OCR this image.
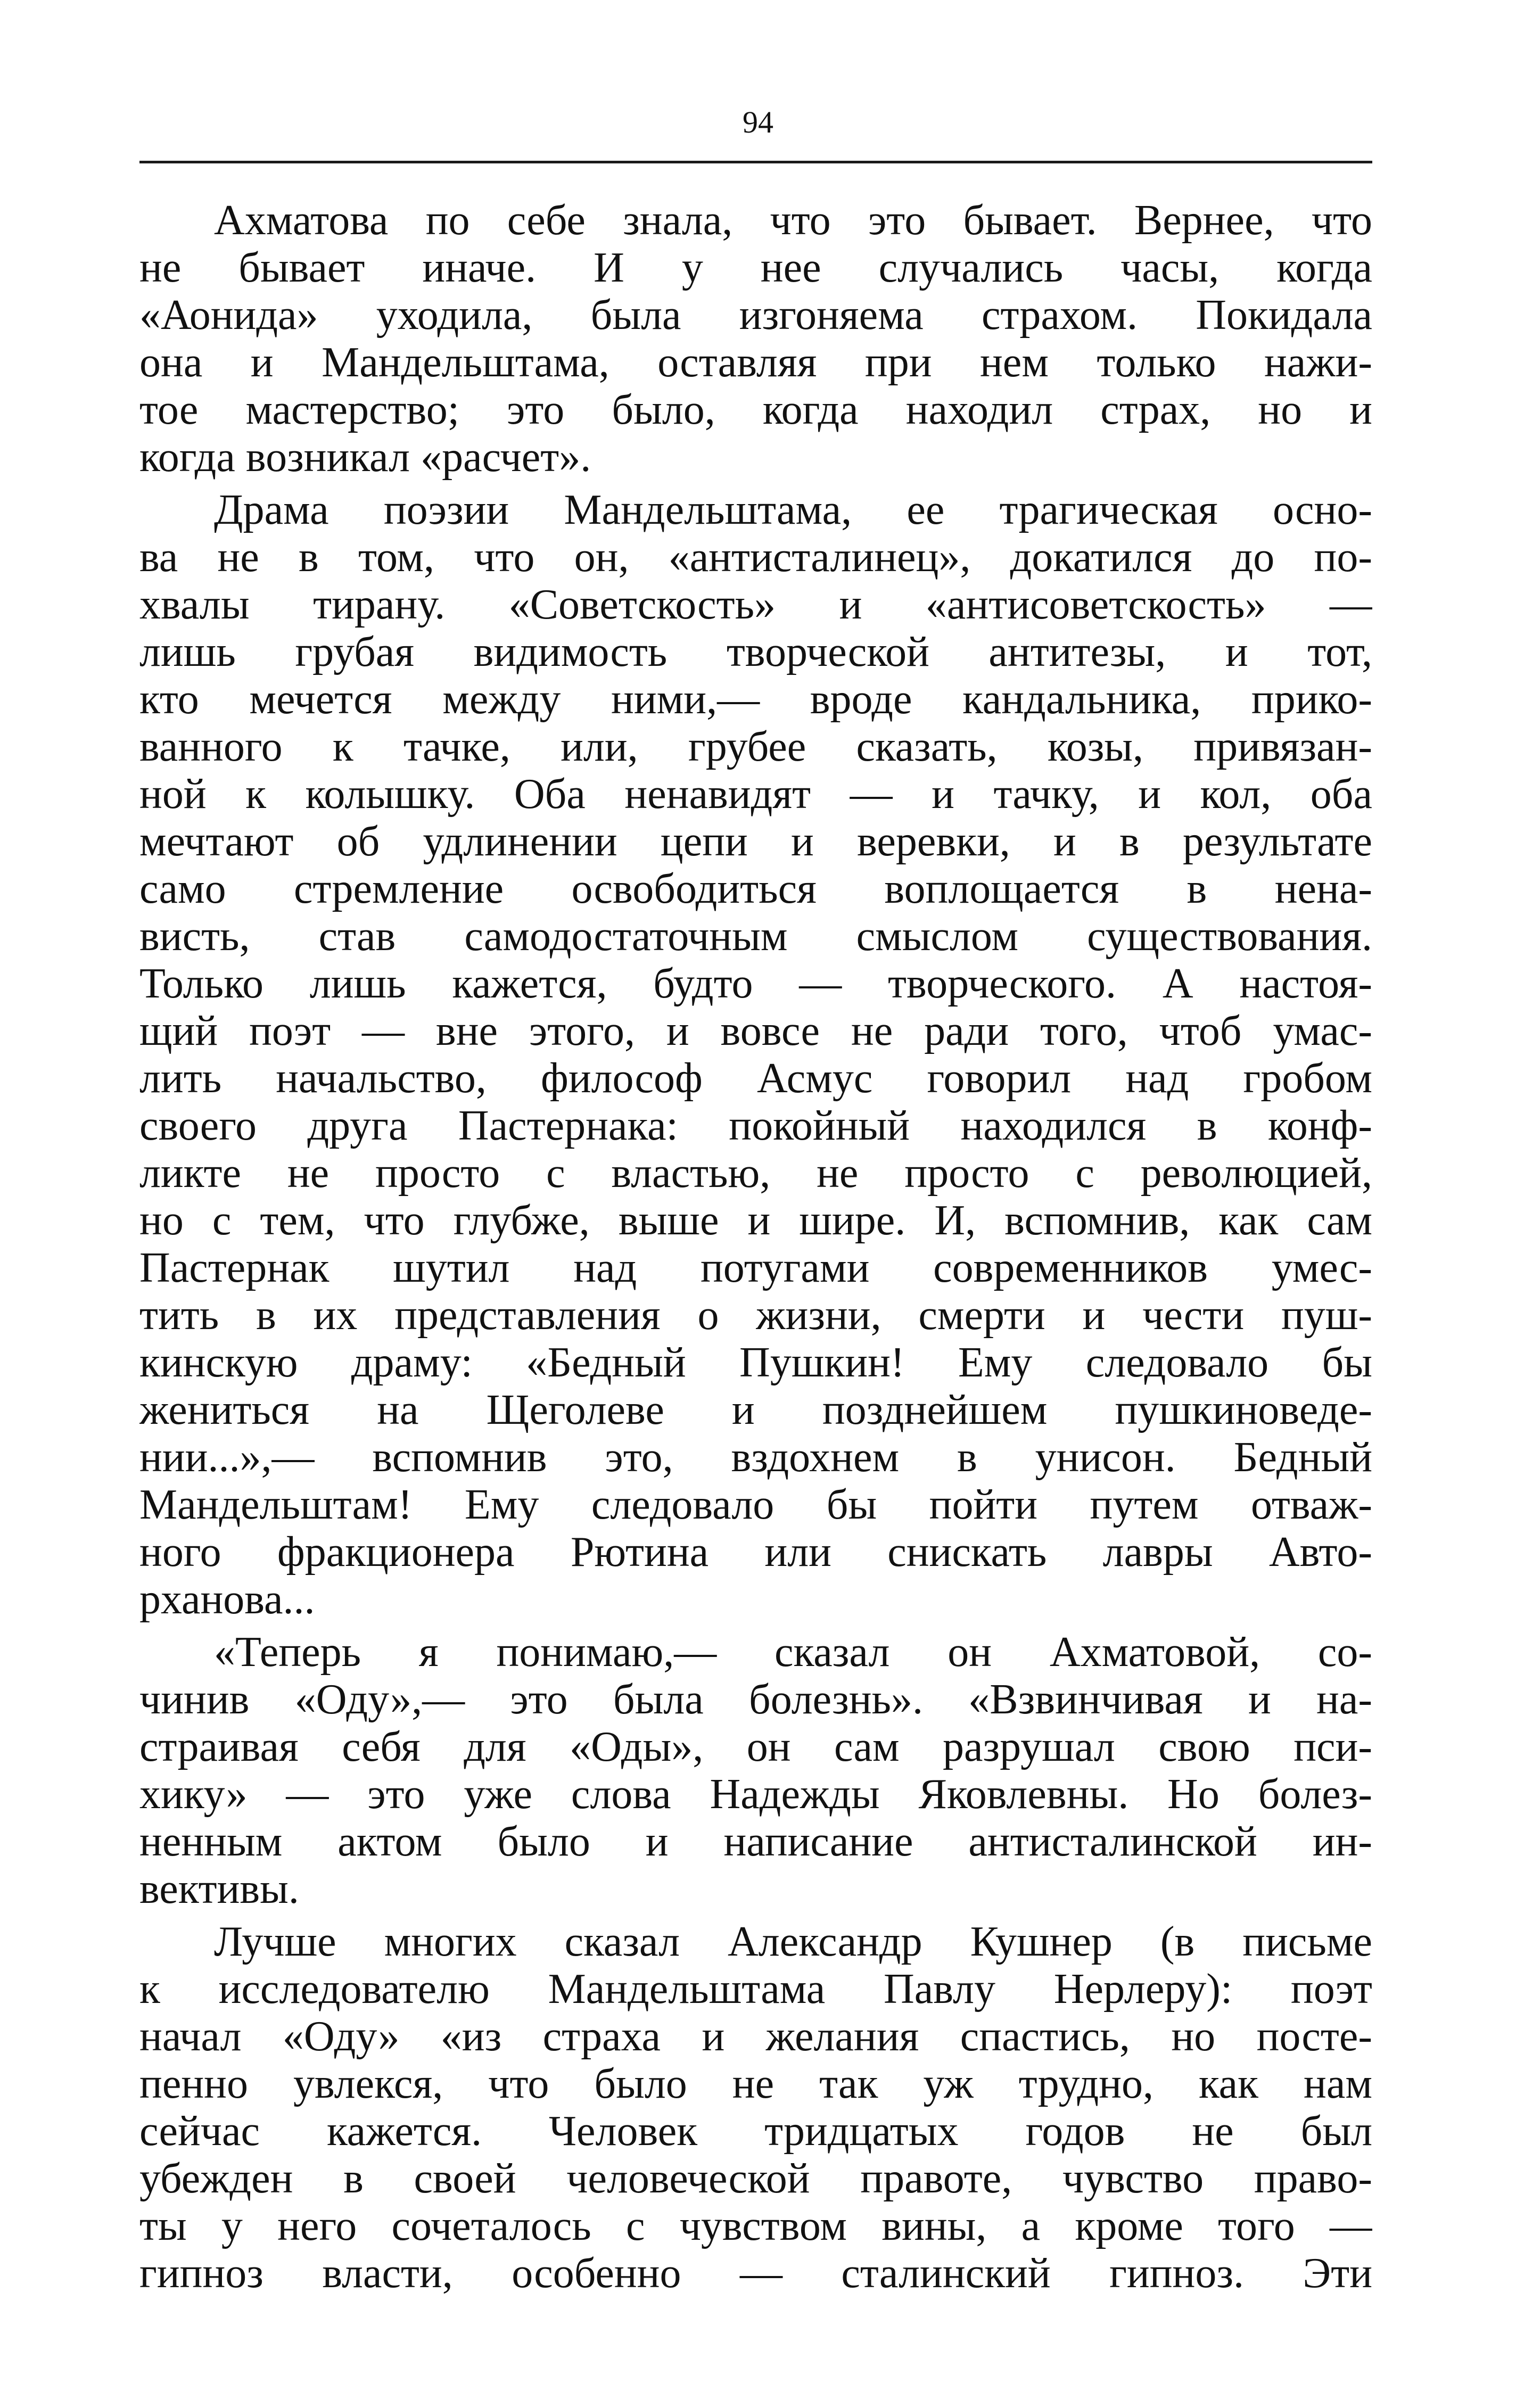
94
Ахматова по себе знала, что это бывает. Вернее, что
не бывает иначе. И у нее случались часы, когда
«Аонида» уходила, была изгоняема страхом. Покидала
она и Мандельштама, оставляя при нем только нажи-
тое мастерство; это было, когда находил страх, но и
когда возникал «расчет».
Драма поэзии Мандельштама, ее трагическая осно-
ва не в том, что он, «антисталинец», докатился до по-
хвалы тирану. «Советскость» и «антисоветскость» —
лишь грубая видимость творческой антитезы, и тот,
кто мечется между ними,— вроде кандальника, прико-
ванного к тачке, или, грубее сказать, козы, привязан-
ной к колышку. Оба ненавидят — и тачку, и кол, оба
мечтают об удлинении цепи и веревки, и в результате
само стремление освободиться воплощается в нена-
висть, став самодостаточным смыслом существования.
Только лишь кажется, будто — творческого. А настоя-
щий поэт — вне этого, и вовсе не ради того, чтоб умас-
лить начальство, философ Асмус говорил над гробом
своего друга Пастернака: покойный находился в конф-
ликте не просто с властью, не просто с революцией,
но с тем, что глубже, выше и шире. И, вспомнив, как сам
Пастернак шутил над потугами современников умес-
тить в их представления о жизни, смерти и чести пуш-
кинскую драму: «Бедный Пушкин! Ему следовало бы
жениться на Щеголеве и позднейшем пушкиноведе-
нии...»,— вспомнив это, вздохнем в унисон. Бедный
Мандельштам! Ему следовало бы пойти путем отваж-
ного фракционера Рютина или снискать лавры Авто-
рханова...
«Теперь я понимаю,— сказал он Ахматовой, со-
чинив «Оду»,— это была болезнь». «Взвинчивая и на-
страивая себя для «Оды», он сам разрушал свою пси-
хику» — это уже слова Надежды Яковлевны. Но болез-
ненным актом было и написание антисталинской ин-
вективы.
Лучше многих сказал Александр Кушнер (в письме
к исследователю Мандельштама Павлу Нерлеру): поэт
начал «Оду» «из страха и желания спастись, но посте-
пенно увлекся, что было не так уж трудно, как нам
сейчас кажется. Человек тридцатых годов не был
убежден в своей человеческой правоте, чувство право-
ты у него сочеталось с чувством вины, а кроме того —
гипноз власти, особенно — сталинский гипноз. Эти
